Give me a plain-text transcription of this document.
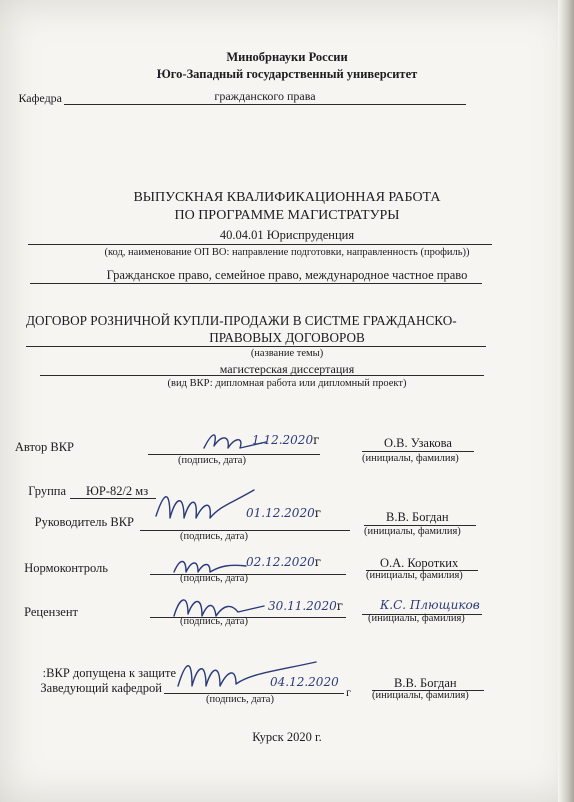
Минобрнауки России
Юго-Западный государственный университет
Кафедра	гражданского права
ВЫПУСКНАЯ КВАЛИФИКАЦИОННАЯ РАБОТА
ПО ПРОГРАММЕ МАГИСТРАТУРЫ
40.04.01 Юриспруденция
(код, наименование ОП ВО: направление подготовки, направленность (профиль))
Гражданское право, семейное право, международное частное право
ДОГОВОР РОЗНИЧНОЙ КУПЛИ-ПРОДАЖИ В СИСТМЕ ГРАЖДАНСКО-
ПРАВОВЫХ ДОГОВОРОВ
(название темы)
магистерская диссертация
(вид ВКР: дипломная работа или дипломный проект)
Автор ВКР	1.12.2020г
(подпись, дата)
О.В. Узакова
(инициалы, фамилия)
Группа ЮР-82/2 мз
Руководитель ВКР
01.12.2020г
(подпись, дата)
В.В. Богдан
(инициалы, фамилия)
Нормоконтроль	02.12.2020г
(подпись, дата)
О.А. Коротких
(инициалы, фамилия)
Рецензент	30.11.2020г
(подпись, дата)
К.С. Плющиков
(инициалы, фамилия)
ВКР допущена к защите:
Заведующий кафедрой	04.12.2020
г
(подпись, дата)
В.В. Богдан
(инициалы, фамилия)
Курск 2020 г.
